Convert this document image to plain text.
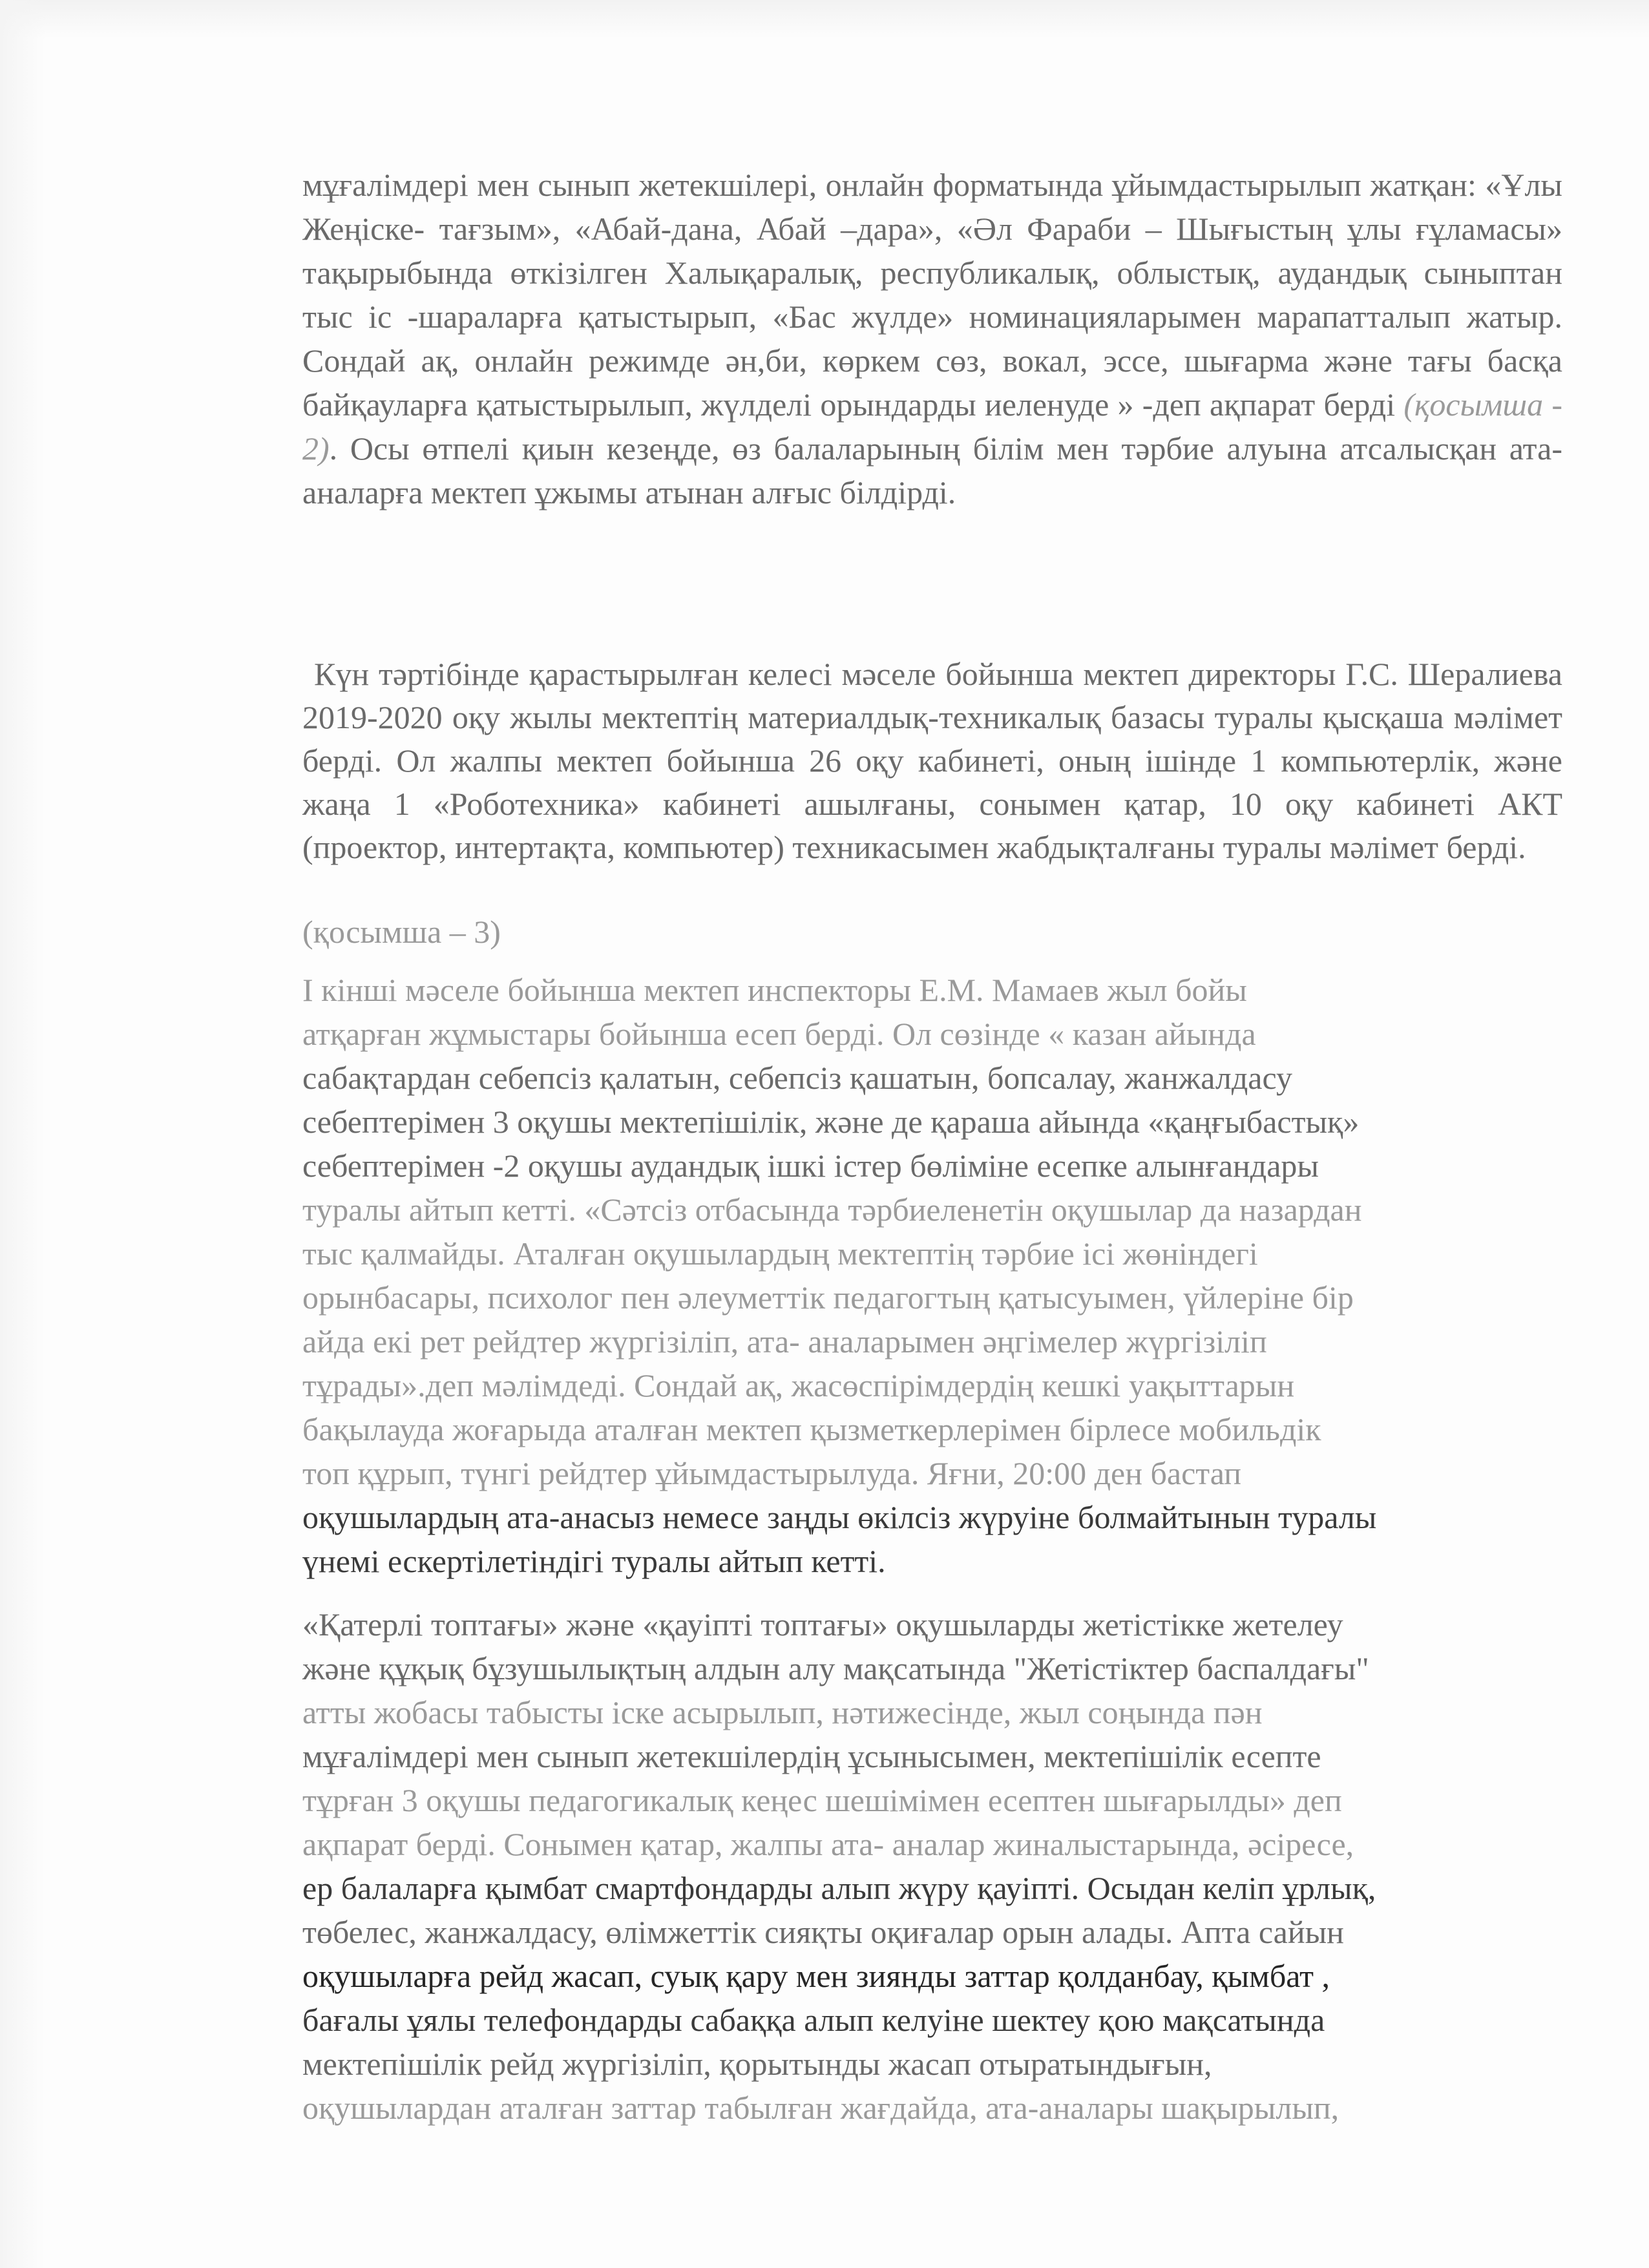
мұғалімдері мен сынып жетекшілері, онлайн форматында ұйымдастырылып жатқан: «Ұлы Жеңіске- тағзым», «Абай-дана, Абай –дара», «Әл Фараби – Шығыстың ұлы ғұламасы» тақырыбында өткізілген Халықаралық, республикалық, облыстық, аудандық сыныптан тыс іс -шараларға қатыстырып, «Бас жүлде» номинацияларымен марапатталып жатыр. Сондай ақ, онлайн режимде ән,би, көркем сөз, вокал, эссе, шығарма және тағы басқа байқауларға қатыстырылып, жүлделі орындарды иеленуде » -деп ақпарат берді (қосымша - 2). Осы өтпелі қиын кезеңде, өз балаларының білім мен тәрбие алуына атсалысқан ата- аналарға мектеп ұжымы атынан алғыс білдірді.

Күн тәртібінде қарастырылған келесі мәселе бойынша мектеп директоры Г.С. Шералиева 2019-2020 оқу жылы мектептің материалдық-техникалық базасы туралы қысқаша мәлімет берді. Ол жалпы мектеп бойынша 26 оқу кабинеті, оның ішінде 1 компьютерлік, және жаңа 1 «Роботехника» кабинеті ашылғаны, сонымен қатар, 10 оқу кабинеті АКТ (проектор, интертақта, компьютер) техникасымен жабдықталғаны туралы мәлімет берді.

(қосымша – 3)

I кінші мәселе бойынша мектеп инспекторы Е.М. Мамаев жыл бойы
атқарған жұмыстары бойынша есеп берді. Ол сөзінде « казан айында
сабақтардан себепсіз қалатын, себепсіз қашатын, бопсалау, жанжалдасу
себептерімен 3 оқушы мектепішілік, және де қараша айында «қаңғыбастық»
себептерімен -2 оқушы аудандық ішкі істер бөліміне есепке алынғандары
туралы айтып кетті. «Сәтсіз отбасында тәрбиеленетін оқушылар да назардан
тыс қалмайды. Аталған оқушылардың мектептің тәрбие ісі жөніндегі
орынбасары, психолог пен әлеуметтік педагогтың қатысуымен, үйлеріне бір
айда екі рет рейдтер жүргізіліп, ата- аналарымен әңгімелер жүргізіліп
тұрады».деп мәлімдеді. Сондай ақ, жасөспірімдердің кешкі уақыттарын
бақылауда жоғарыда аталған мектеп қызметкерлерімен бірлесе мобильдік
топ құрып, түнгі рейдтер ұйымдастырылуда. Яғни, 20:00 ден бастап
оқушылардың ата-анасыз немесе заңды өкілсіз жүруіне болмайтынын туралы
үнемі ескертілетіндігі туралы айтып кетті.
«Қатерлі топтағы» және «қауіпті топтағы» оқушыларды жетістікке жетелеу
және құқық бұзушылықтың алдын алу мақсатында "Жетістіктер баспалдағы"
атты жобасы табысты іске асырылып, нәтижесінде, жыл соңында пән
мұғалімдері мен сынып жетекшілердің ұсынысымен, мектепішілік есепте
тұрған 3 оқушы педагогикалық кеңес шешімімен есептен шығарылды» деп
ақпарат берді. Сонымен қатар, жалпы ата- аналар жиналыстарында, әсіресе,
ер балаларға қымбат смартфондарды алып жүру қауіпті. Осыдан келіп ұрлық,
төбелес, жанжалдасу, өлімжеттік сияқты оқиғалар орын алады. Апта сайын
оқушыларға рейд жасап, суық қару мен зиянды заттар қолданбау, қымбат ,
бағалы ұялы телефондарды сабаққа алып келуіне шектеу қою мақсатында
мектепішілік рейд жүргізіліп, қорытынды жасап отыратындығын,
оқушылардан аталған заттар табылған жағдайда, ата-аналары шақырылып,
